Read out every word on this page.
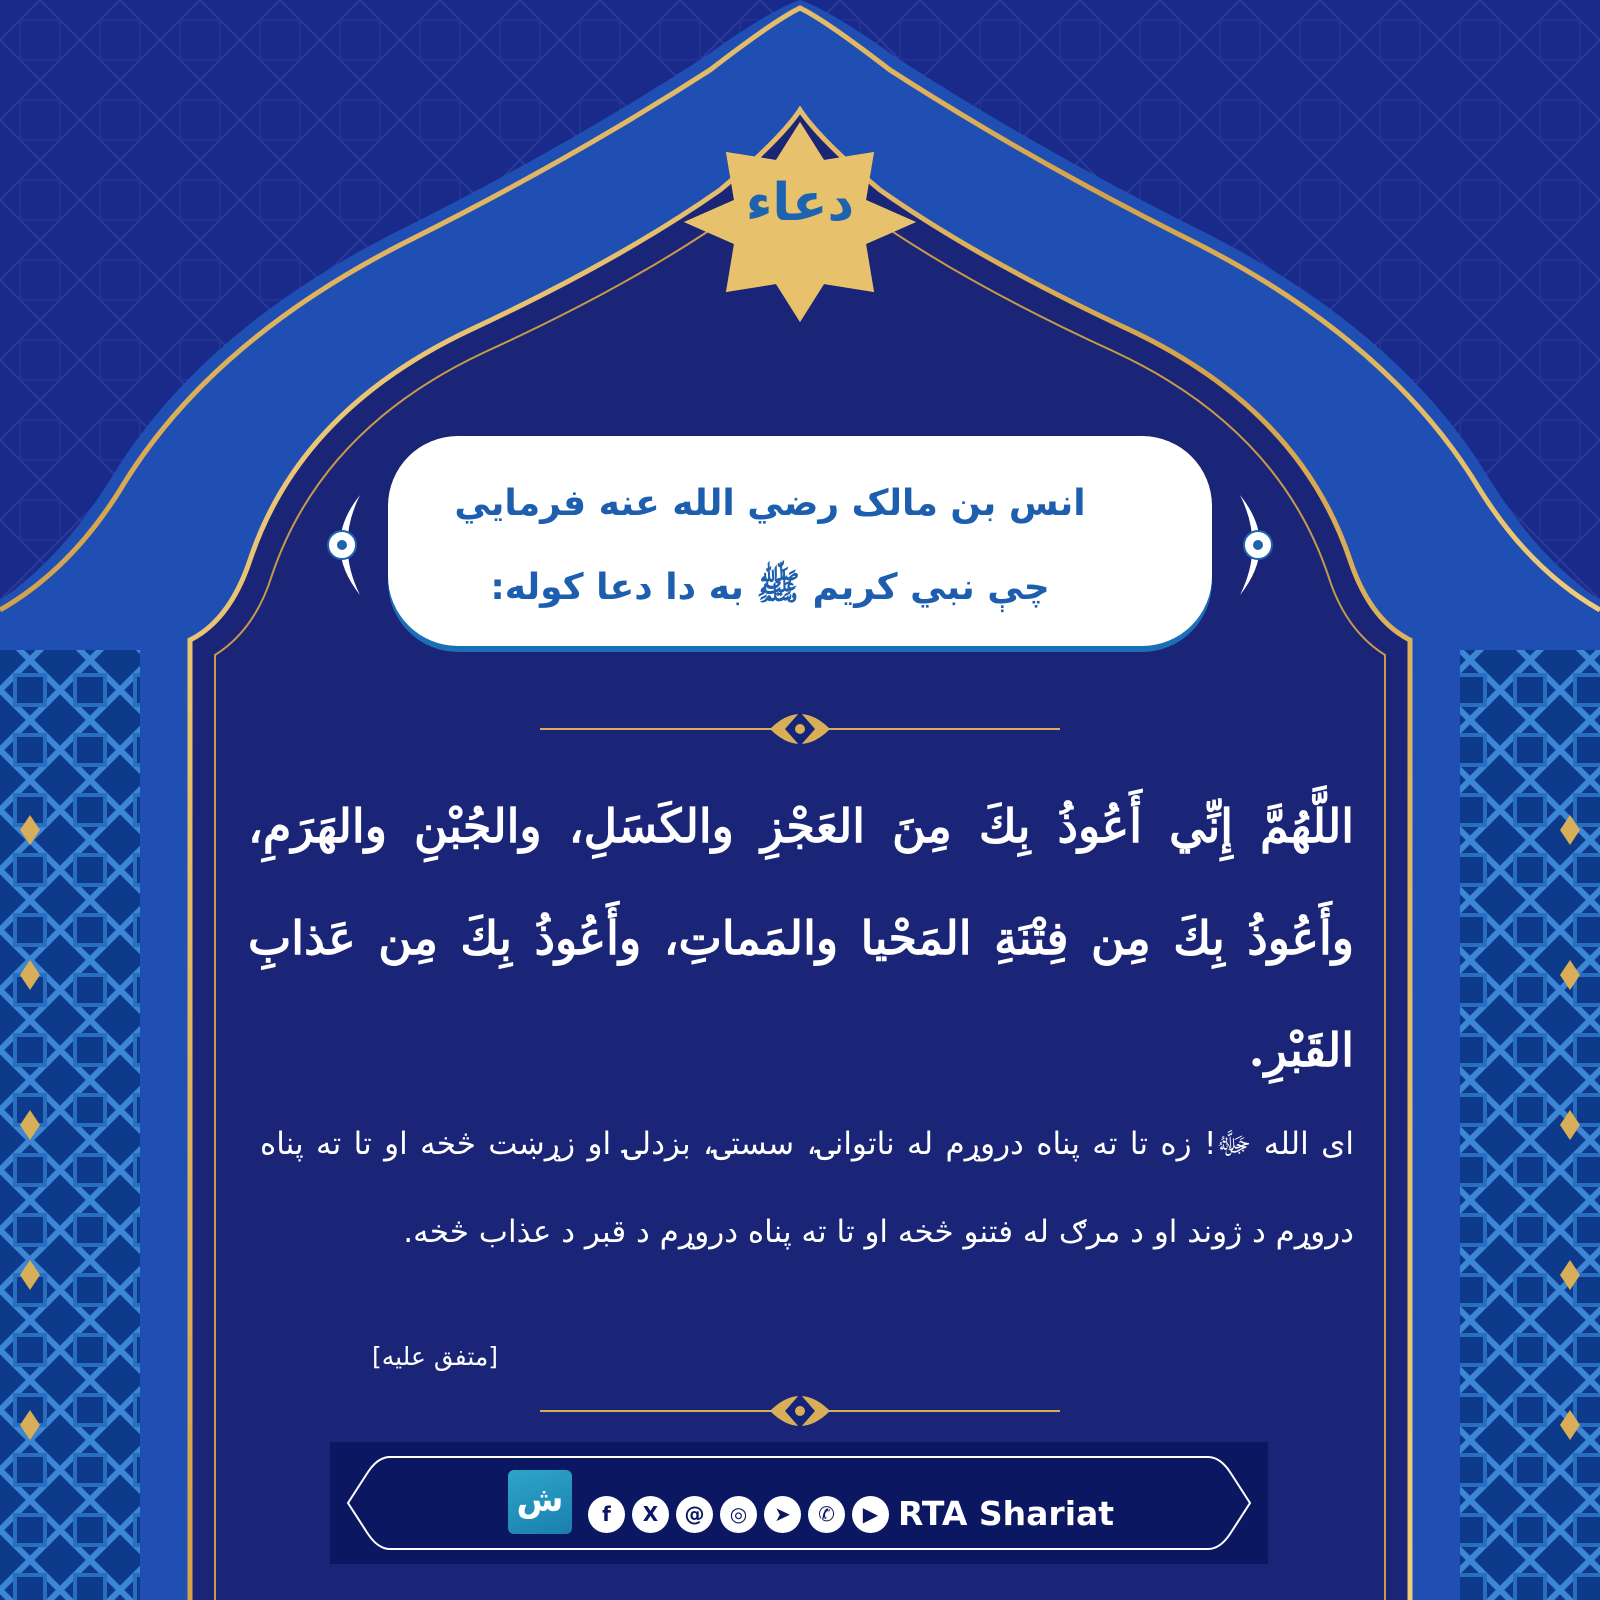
دعاء
انس بن مالک رضي الله عنه فرمايي
چې نبي کريم ﷺ به دا دعا کوله:
اللَّهُمَّ إِنِّي أَعُوذُ بِكَ مِنَ العَجْزِ والكَسَلِ، والجُبْنِ والهَرَمِ، وأَعُوذُ بِكَ مِن فِتْنَةِ المَحْيا والمَماتِ، وأَعُوذُ بِكَ مِن عَذابِ القَبْرِ.
ای الله ﷻ! زه تا ته پناه دروړم له ناتوانۍ، سستۍ، بزدلۍ او زړښت څخه او تا ته پناه دروړم د ژوند او د مرګ له فتنو څخه او تا ته پناه دروړم د قبر د عذاب څخه.
[متفق علیه]
ش	f	X	@	◎	➤	✆	▶ RTA Shariat
